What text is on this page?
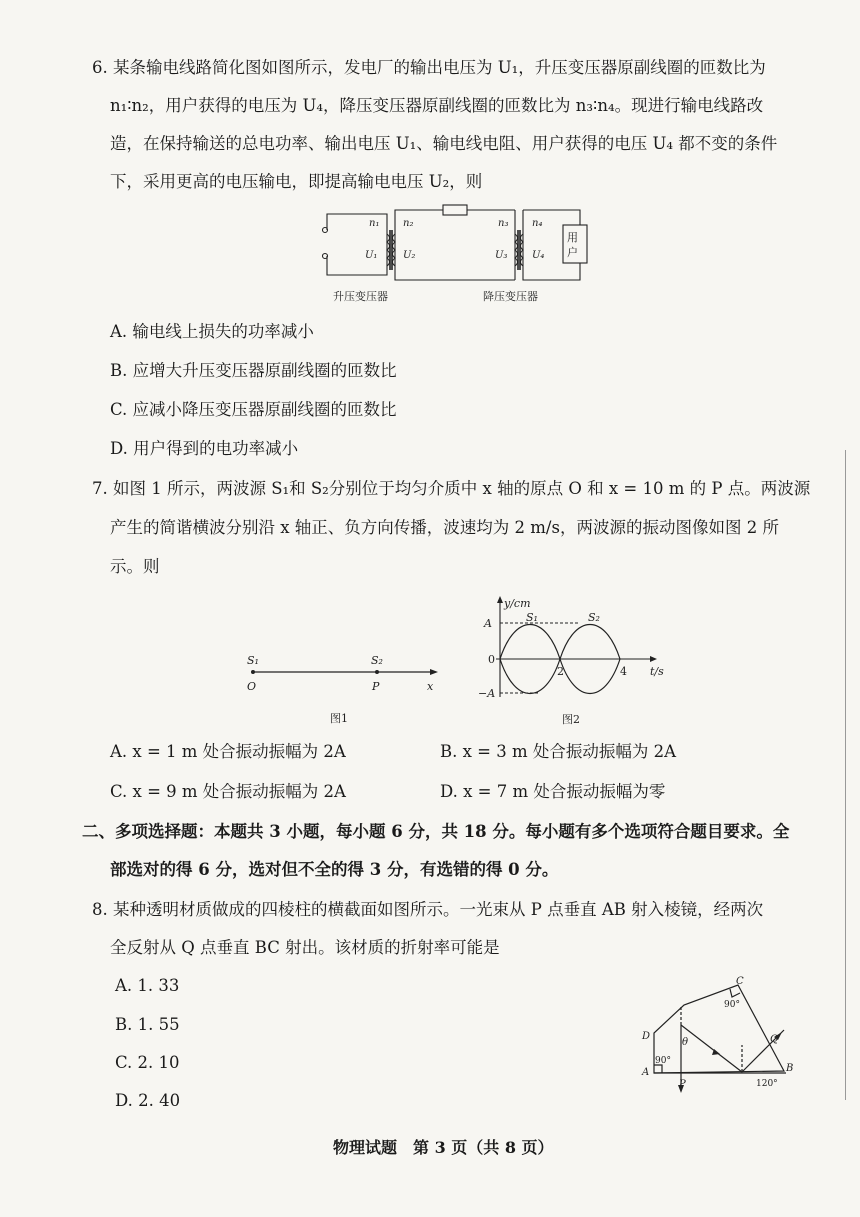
6. 某条输电线路简化图如图所示，发电厂的输出电压为 U₁，升压变压器原副线圈的匝数比为
n₁∶n₂，用户获得的电压为 U₄，降压变压器原副线圈的匝数比为 n₃∶n₄。现进行输电线路改
造，在保持输送的总电功率、输出电压 U₁、输电线电阻、用户获得的电压 U₄ 都不变的条件
下，采用更高的电压输电，即提高输电电压 U₂，则
n₁ n₂	n₃ n₄
U₁	U₂	U₃ U₄
用
户
升压变压器	降压变压器
A. 输电线上损失的功率减小
B. 应增大升压变压器原副线圈的匝数比
C. 应减小降压变压器原副线圈的匝数比
D. 用户得到的电功率减小
7. 如图 1 所示，两波源 S₁和 S₂分别位于均匀介质中 x 轴的原点 O 和 x = 10 m 的 P 点。两波源
产生的简谐横波分别沿 x 轴正、负方向传播，波速均为 2 m/s，两波源的振动图像如图 2 所
示。则
S₁	S₂
O	P	x
图1
y/cm
A
0
−A
2	4 t/s
S₁	S₂
图2
A. x = 1 m 处合振动振幅为 2A	B. x = 3 m 处合振动振幅为 2A
C. x = 9 m 处合振动振幅为 2A	D. x = 7 m 处合振动振幅为零
二、多项选择题：本题共 3 小题，每小题 6 分，共 18 分。每小题有多个选项符合题目要求。全
部选对的得 6 分，选对但不全的得 3 分，有选错的得 0 分。
8. 某种透明材质做成的四棱柱的横截面如图所示。一光束从 P 点垂直 AB 射入棱镜，经两次
全反射从 Q 点垂直 BC 射出。该材质的折射率可能是
A. 1. 33
B. 1. 55
C. 2. 10
D. 2. 40
A	B
C
D
P
Q
θ
90°
90°
120°
物理试题　第 3 页（共 8 页）
